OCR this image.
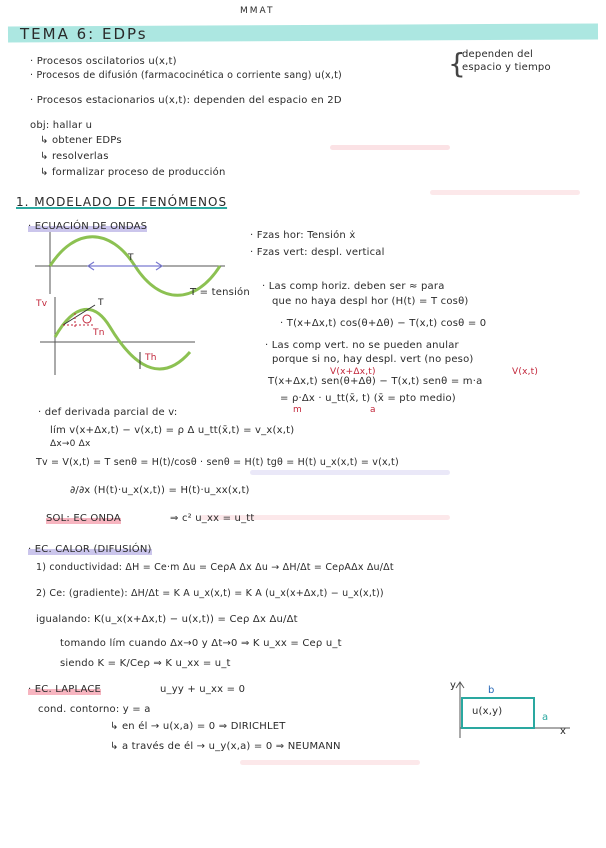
MMAT
TEMA 6: EDPs
· Procesos oscilatorios u(x,t)
· Procesos de difusión (farmacocinética o corriente sang) u(x,t)	{
dependen del
espacio y tiempo
· Procesos estacionarios u(x,t): dependen del espacio en 2D
obj: hallar u
↳ obtener EDPs
↳ resolverlas
↳ formalizar proceso de producción
1. MODELADO DE FENÓMENOS
· ECUACIÓN DE ONDAS
· Fzas hor: Tensión ẋ
· Fzas vert: despl. vertical
T
T = tensión
Tv	T
Tn
Th
· Las comp horiz. deben ser ≈ para
que no haya despl hor (H(t) = T cosθ)
· T(x+Δx,t) cos(θ+Δθ) − T(x,t) cosθ = 0
· Las comp vert. no se pueden anular
porque si no, hay despl. vert (no peso)
V(x+Δx,t)	V(x,t)
T(x+Δx,t) sen(θ+Δθ) − T(x,t) senθ = m·a
= ρ·Δx · u_tt(x̄, t) (x̄ = pto medio)
m	a
· def derivada parcial de v:
lím v(x+Δx,t) − v(x,t) = ρ Δ u_tt(x̄,t) = v_x(x,t)
Δx→0 Δx
Tv = V(x,t) = T senθ = H(t)/cosθ · senθ = H(t) tgθ = H(t) u_x(x,t) = v(x,t)
∂/∂x (H(t)·u_x(x,t)) = H(t)·u_xx(x,t)
SOL: EC ONDA	⇒ c² u_xx = u_tt
· EC. CALOR (DIFUSIÓN)
1) conductividad: ΔH = Ce·m Δu = CeρA Δx Δu → ΔH/Δt = CeρAΔx Δu/Δt
2) Ce: (gradiente): ΔH/Δt = K A u_x(x,t) = K A (u_x(x+Δx,t) − u_x(x,t))
igualando: K(u_x(x+Δx,t) − u(x,t)) = Ceρ Δx Δu/Δt
tomando lím cuando Δx→0 y Δt→0 ⇒ K u_xx = Ceρ u_t
siendo K = K/Ceρ ⇒ K u_xx = u_t
· EC. LAPLACE	u_yy + u_xx = 0
cond. contorno: y = a
↳ en él → u(x,a) = 0 ⇒ DIRICHLET
↳ a través de él → u_y(x,a) = 0 ⇒ NEUMANN
y	b
u(x,y)
a
x
